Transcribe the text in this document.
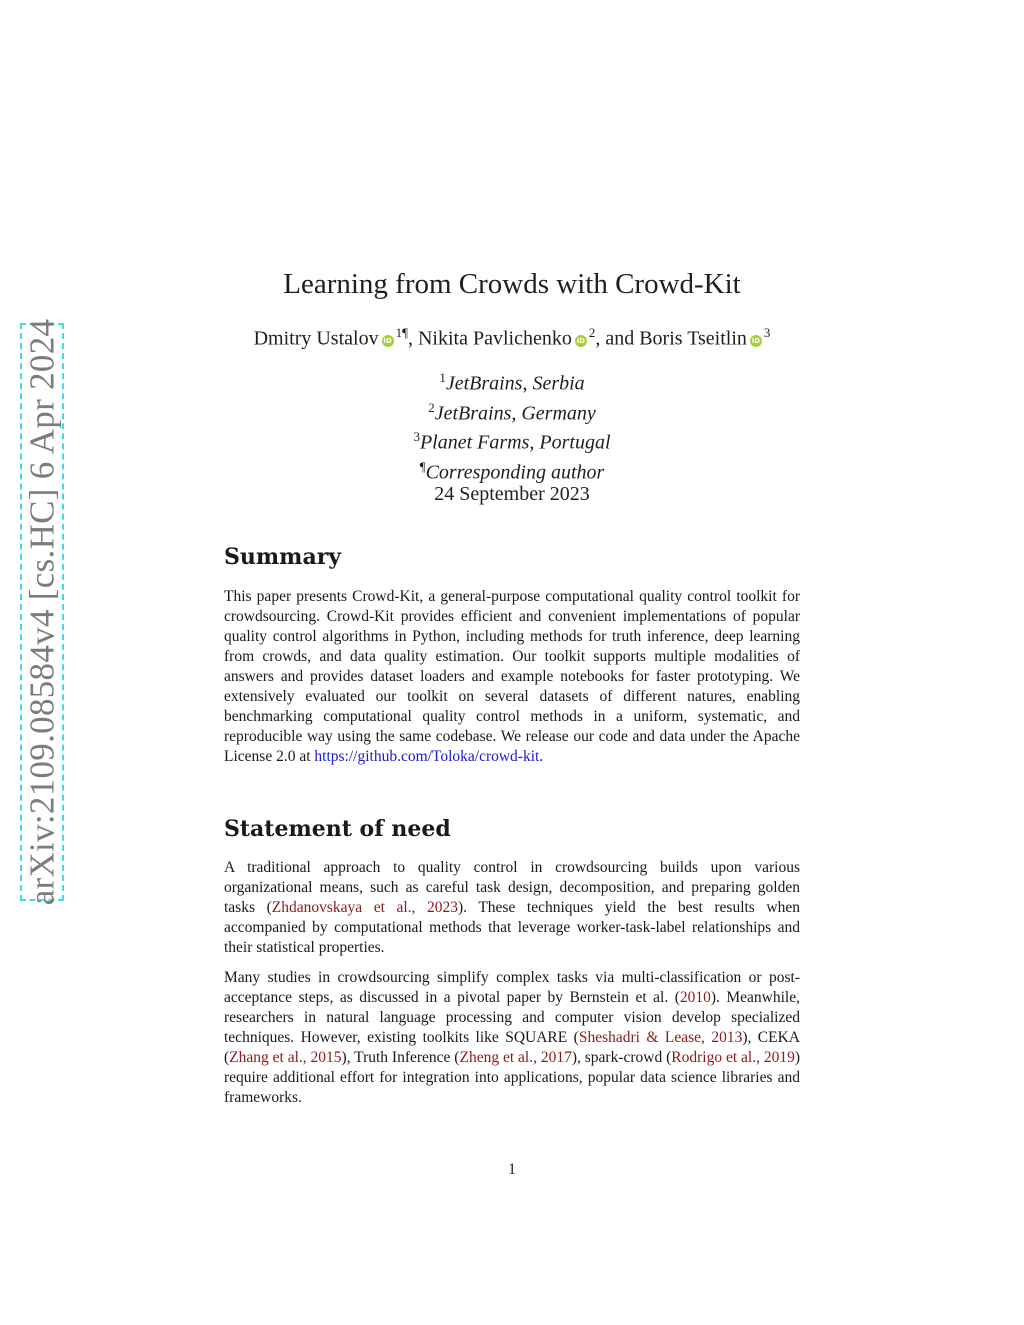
arXiv:2109.08584v4 [cs.HC] 6 Apr 2024
Learning from Crowds with Crowd-Kit
Dmitry Ustalov $iD^{1\P}$, Nikita Pavlichenko $iD^2$, and Boris Tseitlin $iD^3$
$^1$JetBrains, Serbia
$^2$JetBrains, Germany
$^3$Planet Farms, Portugal
¶Corresponding author
24 September 2023
Summary

This paper presents Crowd-Kit, a general-purpose computational quality control toolkit for crowdsourcing. Crowd-Kit provides efficient and convenient implementations of popular quality control algorithms in Python, including methods for truth inference, deep learning from crowds, and data quality estimation. Our toolkit supports multiple modalities of answers and provides dataset loaders and example notebooks for faster prototyping. We extensively evaluated our toolkit on several datasets of different natures, enabling benchmarking computational quality control methods in a uniform, systematic, and reproducible way using the same codebase. We release our code and data under the Apache License 2.0 at https://github.com/Toloka/crowd-kit.

Statement of need

A traditional approach to quality control in crowdsourcing builds upon various organizational means, such as careful task design, decomposition, and preparing golden tasks (Zhdanovskaya et al., 2023). These techniques yield the best results when accompanied by computational methods that leverage worker-task-label relationships and their statistical properties.

Many studies in crowdsourcing simplify complex tasks via multi-classification or post-acceptance steps, as discussed in a pivotal paper by Bernstein et al. (2010). Meanwhile, researchers in natural language processing and computer vision develop specialized techniques. However, existing toolkits like SQUARE (Sheshadri & Lease, 2013), CEKA (Zhang et al., 2015), Truth Inference (Zheng et al., 2017), spark-crowd (Rodrigo et al., 2019) require additional effort for integration into applications, popular data science libraries and frameworks.

1
